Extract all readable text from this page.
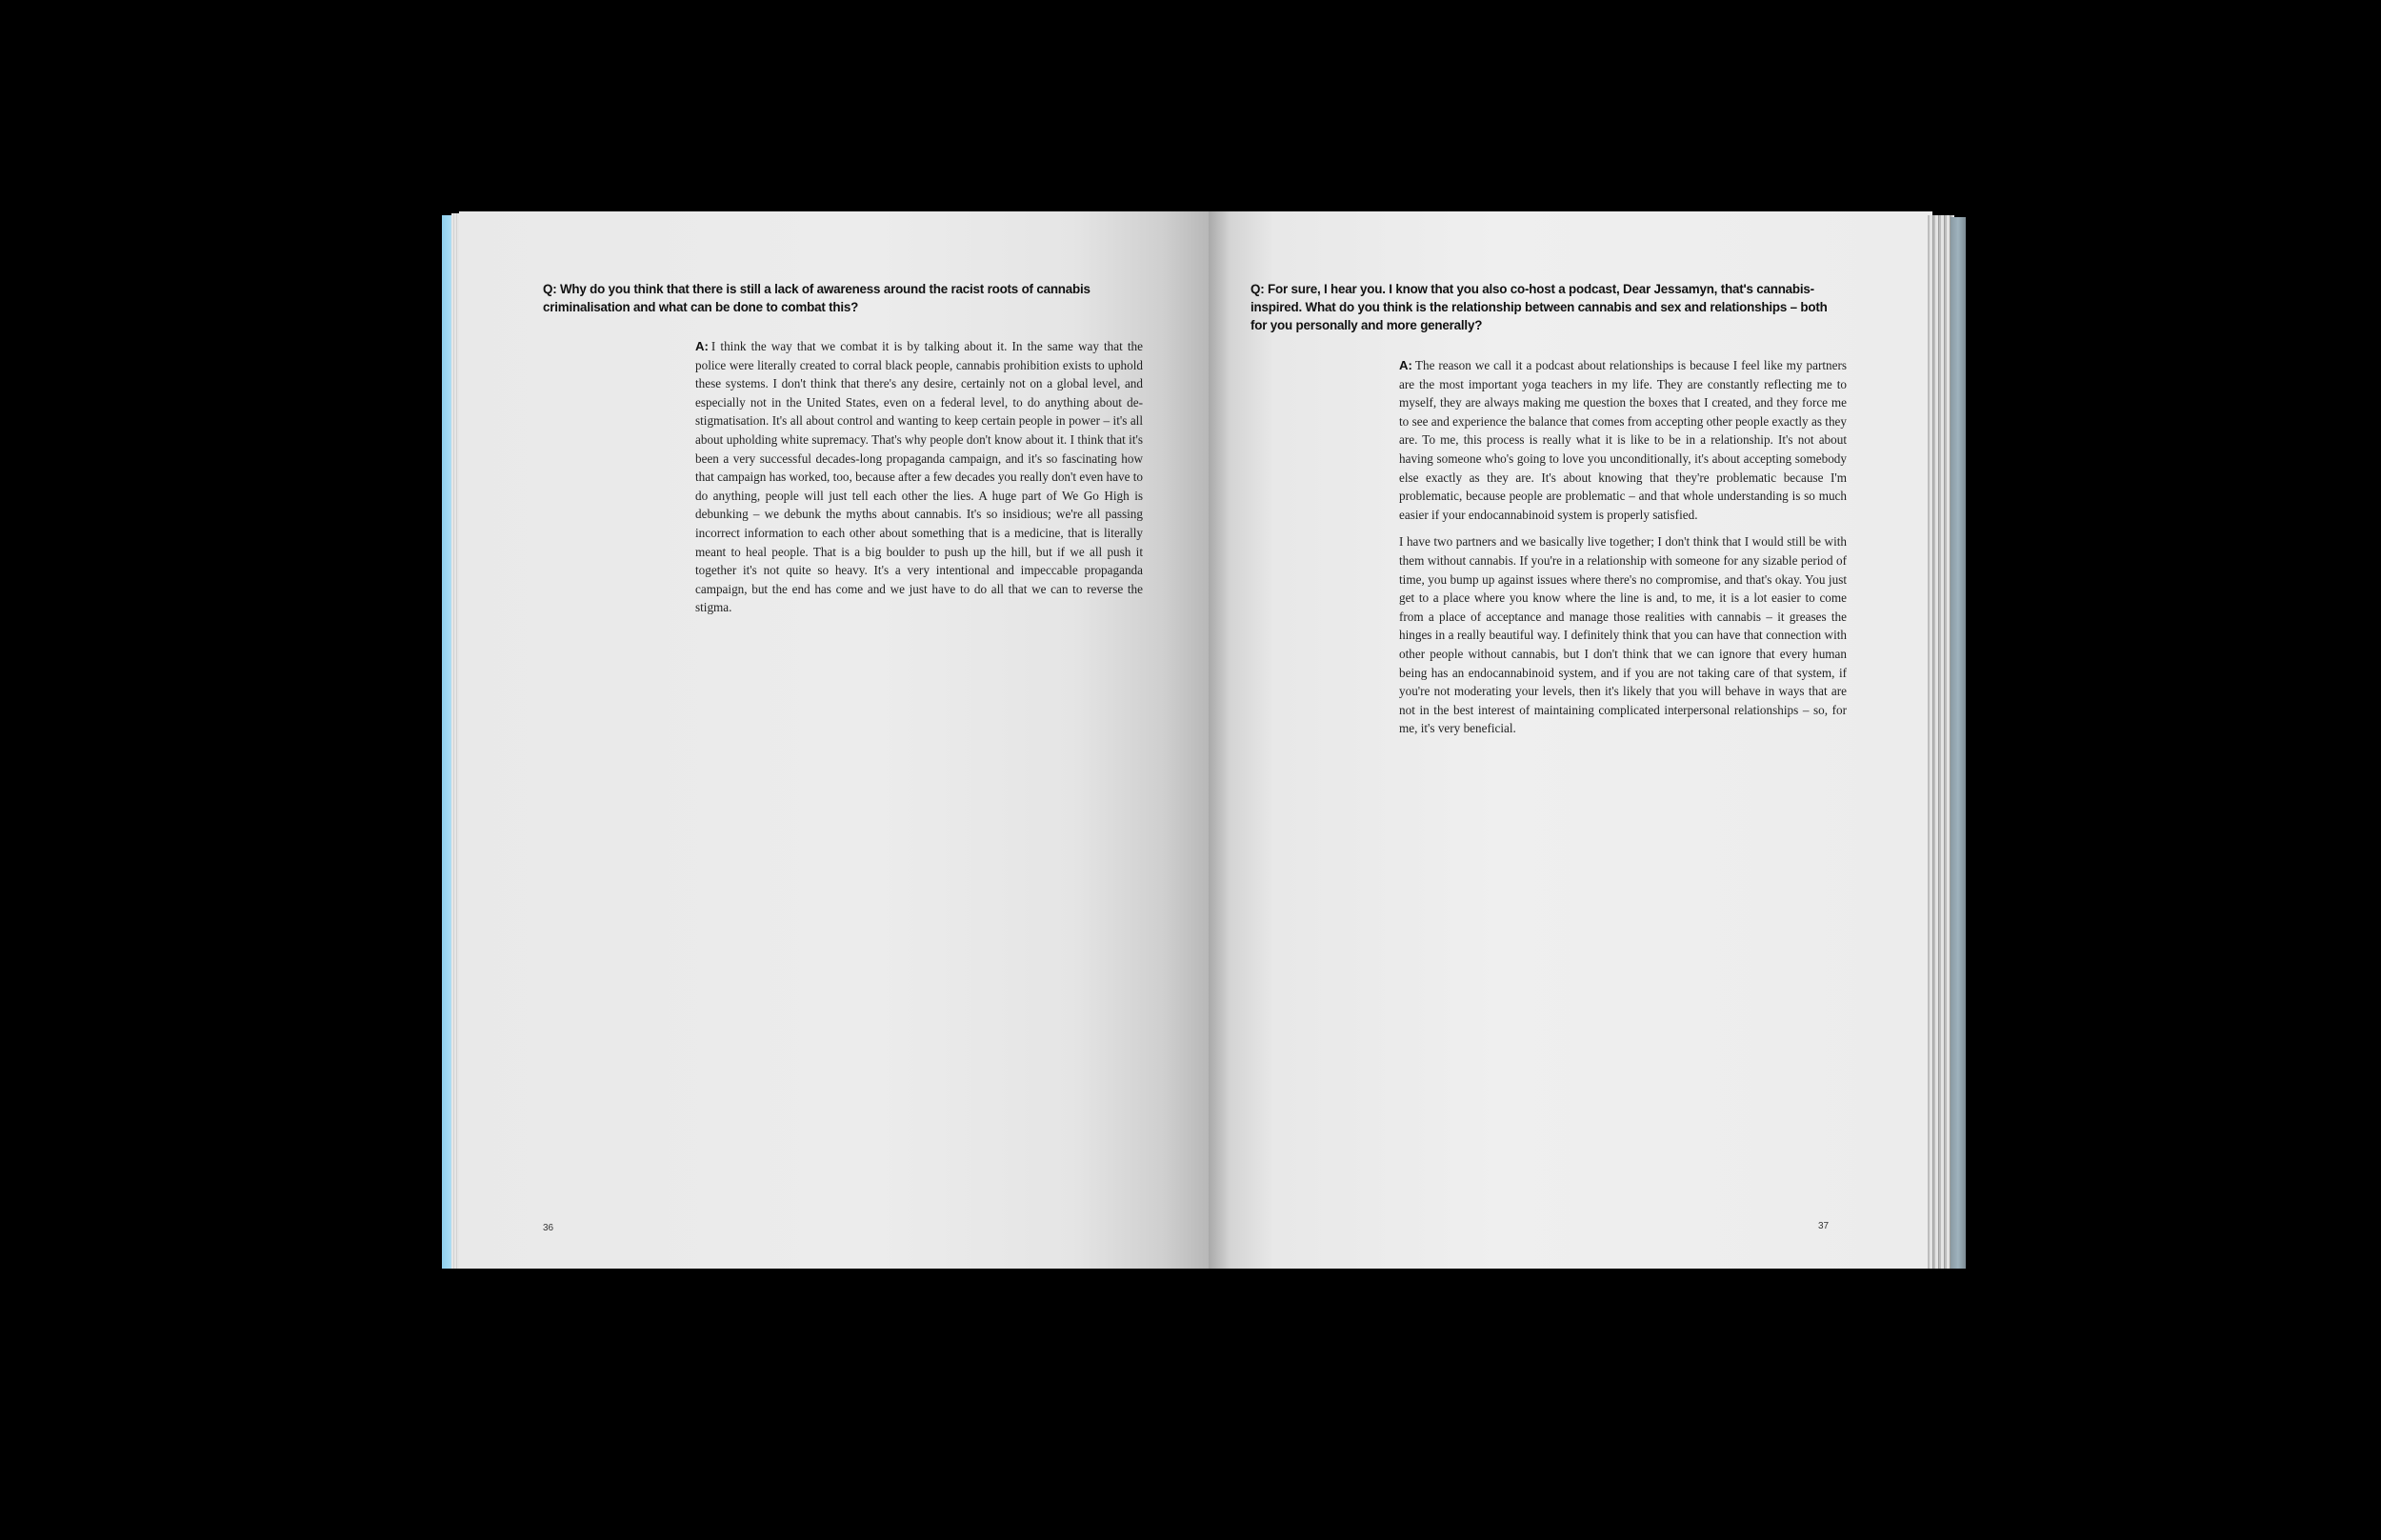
Q: Why do you think that there is still a lack of awareness around the racist roots of cannabis criminalisation and what can be done to combat this?

A: I think the way that we combat it is by talking about it. In the same way that the police were literally created to corral black people, cannabis prohibition exists to uphold these systems. I don't think that there's any desire, certainly not on a global level, and especially not in the United States, even on a federal level, to do anything about de-stigmatisation. It's all about control and wanting to keep certain people in power – it's all about upholding white supremacy. That's why people don't know about it. I think that it's been a very successful decades-long propaganda campaign, and it's so fascinating how that campaign has worked, too, because after a few decades you really don't even have to do anything, people will just tell each other the lies. A huge part of We Go High is debunking – we debunk the myths about cannabis. It's so insidious; we're all passing incorrect information to each other about something that is a medicine, that is literally meant to heal people. That is a big boulder to push up the hill, but if we all push it together it's not quite so heavy. It's a very intentional and impeccable propaganda campaign, but the end has come and we just have to do all that we can to reverse the stigma.

36
Q: For sure, I hear you. I know that you also co-host a podcast, Dear Jessamyn, that's cannabis-inspired. What do you think is the relationship between cannabis and sex and relationships – both for you personally and more generally?

A: The reason we call it a podcast about relationships is because I feel like my partners are the most important yoga teachers in my life. They are constantly reflecting me to myself, they are always making me question the boxes that I created, and they force me to see and experience the balance that comes from accepting other people exactly as they are. To me, this process is really what it is like to be in a relationship. It's not about having someone who's going to love you unconditionally, it's about accepting somebody else exactly as they are. It's about knowing that they're problematic because I'm problematic, because people are problematic – and that whole understanding is so much easier if your endocannabinoid system is properly satisfied.

I have two partners and we basically live together; I don't think that I would still be with them without cannabis. If you're in a relationship with someone for any sizable period of time, you bump up against issues where there's no compromise, and that's okay. You just get to a place where you know where the line is and, to me, it is a lot easier to come from a place of acceptance and manage those realities with cannabis – it greases the hinges in a really beautiful way. I definitely think that you can have that connection with other people without cannabis, but I don't think that we can ignore that every human being has an endocannabinoid system, and if you are not taking care of that system, if you're not moderating your levels, then it's likely that you will behave in ways that are not in the best interest of maintaining complicated interpersonal relationships – so, for me, it's very beneficial.

37
